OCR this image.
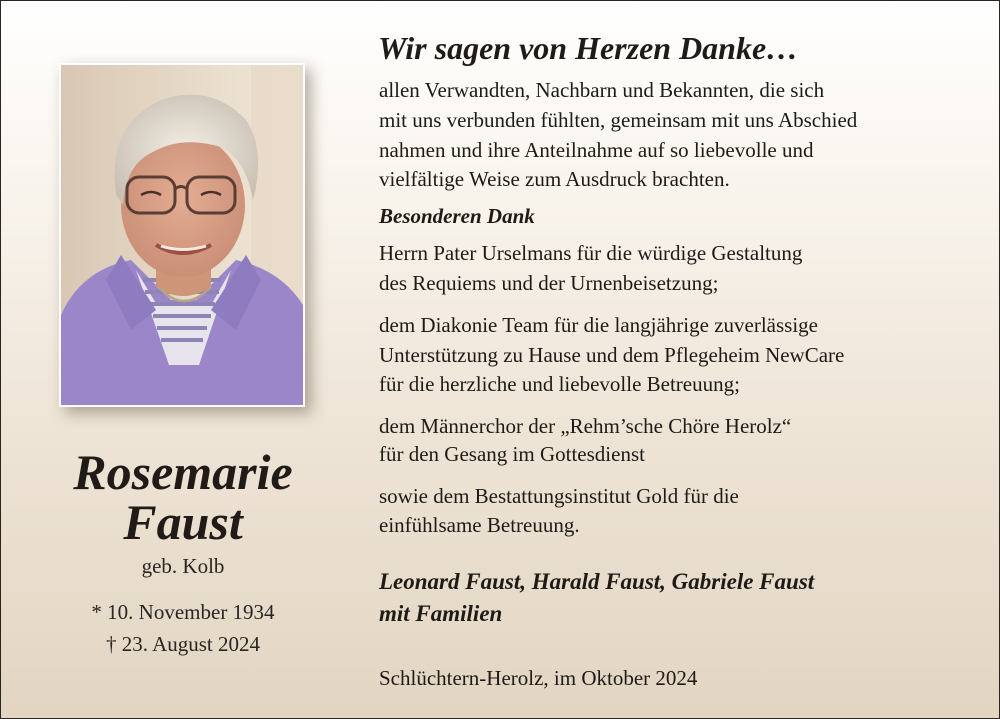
Rosemarie
Faust
geb. Kolb
* 10. November 1934
† 23. August 2024
Wir sagen von Herzen Danke…
allen Verwandten, Nachbarn und Bekannten, die sich
mit uns verbunden fühlten, gemeinsam mit uns Abschied
nahmen und ihre Anteilnahme auf so liebevolle und
vielfältige Weise zum Ausdruck brachten.
Besonderen Dank
Herrn Pater Urselmans für die würdige Gestaltung
des Requiems und der Urnenbeisetzung;
dem Diakonie Team für die langjährige zuverlässige
Unterstützung zu Hause und dem Pflegeheim NewCare
für die herzliche und liebevolle Betreuung;
dem Männerchor der „Rehm’sche Chöre Herolz“
für den Gesang im Gottesdienst
sowie dem Bestattungsinstitut Gold für die
einfühlsame Betreuung.
Leonard Faust, Harald Faust, Gabriele Faust
mit Familien
Schlüchtern-Herolz, im Oktober 2024
